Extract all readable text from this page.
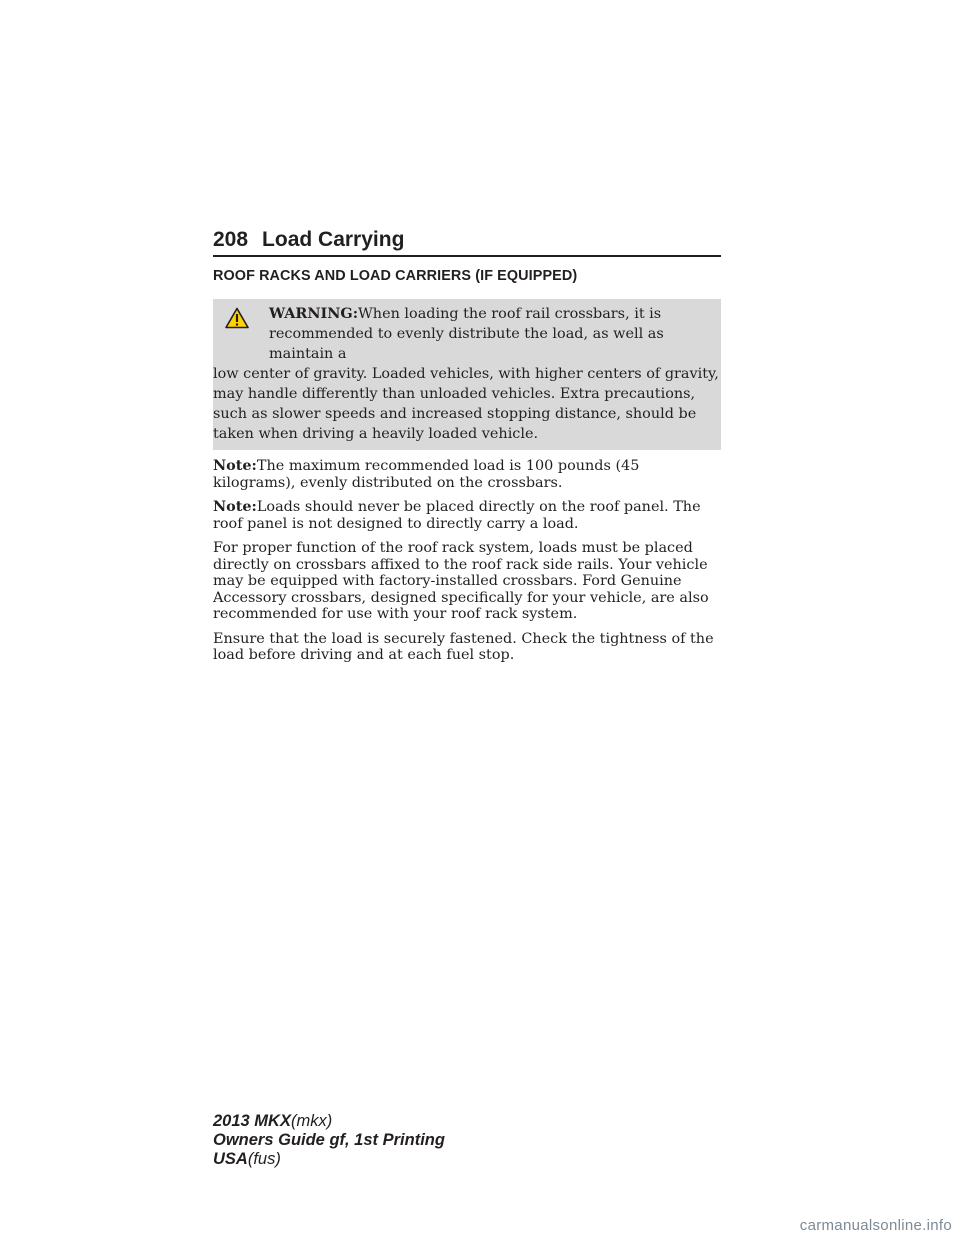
208 Load Carrying
ROOF RACKS AND LOAD CARRIERS (IF EQUIPPED)
WARNING:When loading the roof rail crossbars, it is
recommended to evenly distribute the load, as well as maintain a
low center of gravity. Loaded vehicles, with higher centers of gravity, may handle differently than unloaded vehicles. Extra precautions, such as slower speeds and increased stopping distance, should be taken when driving a heavily loaded vehicle.

Note:The maximum recommended load is 100 pounds (45 kilograms), evenly distributed on the crossbars.

Note:Loads should never be placed directly on the roof panel. The roof panel is not designed to directly carry a load.

For proper function of the roof rack system, loads must be placed directly on crossbars affixed to the roof rack side rails. Your vehicle may be equipped with factory-installed crossbars. Ford Genuine Accessory crossbars, designed specifically for your vehicle, are also recommended for use with your roof rack system.

Ensure that the load is securely fastened. Check the tightness of the load before driving and at each fuel stop.

2013 MKX(mkx)
Owners Guide gf, 1st Printing
USA(fus)
carmanualsonline.info
